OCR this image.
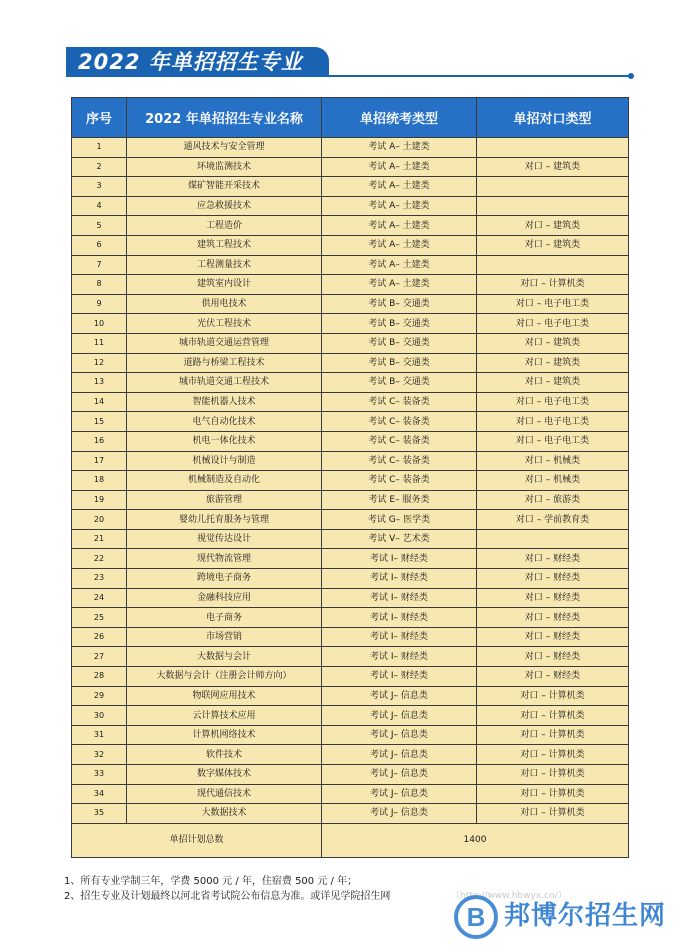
2022 年单招招生专业
序号	2022 年单招招生专业名称	单招统考类型	单招对口类型
1	通风技术与安全管理	考试 A– 土建类	
2	环境监测技术	考试 A– 土建类	对口 – 建筑类
3	煤矿智能开采技术	考试 A– 土建类	
4	应急救援技术	考试 A– 土建类	
5	工程造价	考试 A– 土建类	对口 – 建筑类
6	建筑工程技术	考试 A– 土建类	对口 – 建筑类
7	工程测量技术	考试 A– 土建类	
8	建筑室内设计	考试 A– 土建类	对口 – 计算机类
9	供用电技术	考试 B– 交通类	对口 – 电子电工类
10	光伏工程技术	考试 B– 交通类	对口 – 电子电工类
11	城市轨道交通运营管理	考试 B– 交通类	对口 – 建筑类
12	道路与桥梁工程技术	考试 B– 交通类	对口 – 建筑类
13	城市轨道交通工程技术	考试 B– 交通类	对口 – 建筑类
14	智能机器人技术	考试 C– 装备类	对口 – 电子电工类
15	电气自动化技术	考试 C– 装备类	对口 – 电子电工类
16	机电一体化技术	考试 C– 装备类	对口 – 电子电工类
17	机械设计与制造	考试 C– 装备类	对口 – 机械类
18	机械制造及自动化	考试 C– 装备类	对口 – 机械类
19	旅游管理	考试 E– 服务类	对口 – 旅游类
20	婴幼儿托育服务与管理	考试 G– 医学类	对口 – 学前教育类
21	视觉传达设计	考试 V– 艺术类	
22	现代物流管理	考试 I– 财经类	对口 – 财经类
23	跨境电子商务	考试 I– 财经类	对口 – 财经类
24	金融科技应用	考试 I– 财经类	对口 – 财经类
25	电子商务	考试 I– 财经类	对口 – 财经类
26	市场营销	考试 I– 财经类	对口 – 财经类
27	大数据与会计	考试 I– 财经类	对口 – 财经类
28	大数据与会计（注册会计师方向）	考试 I– 财经类	对口 – 财经类
29	物联网应用技术	考试 J– 信息类	对口 – 计算机类
30	云计算技术应用	考试 J– 信息类	对口 – 计算机类
31	计算机网络技术	考试 J– 信息类	对口 – 计算机类
32	软件技术	考试 J– 信息类	对口 – 计算机类
33	数字媒体技术	考试 J– 信息类	对口 – 计算机类
34	现代通信技术	考试 J– 信息类	对口 – 计算机类
35	大数据技术	考试 J– 信息类	对口 – 计算机类
单招计划总数		1400	
1、所有专业学制三年，学费 5000 元 / 年，住宿费 500 元 / 年；
2、招生专业及计划最终以河北省考试院公布信息为准。或详见学院招生网	（http://www.hbwyx.cn/）
B 邦博尔招生网
